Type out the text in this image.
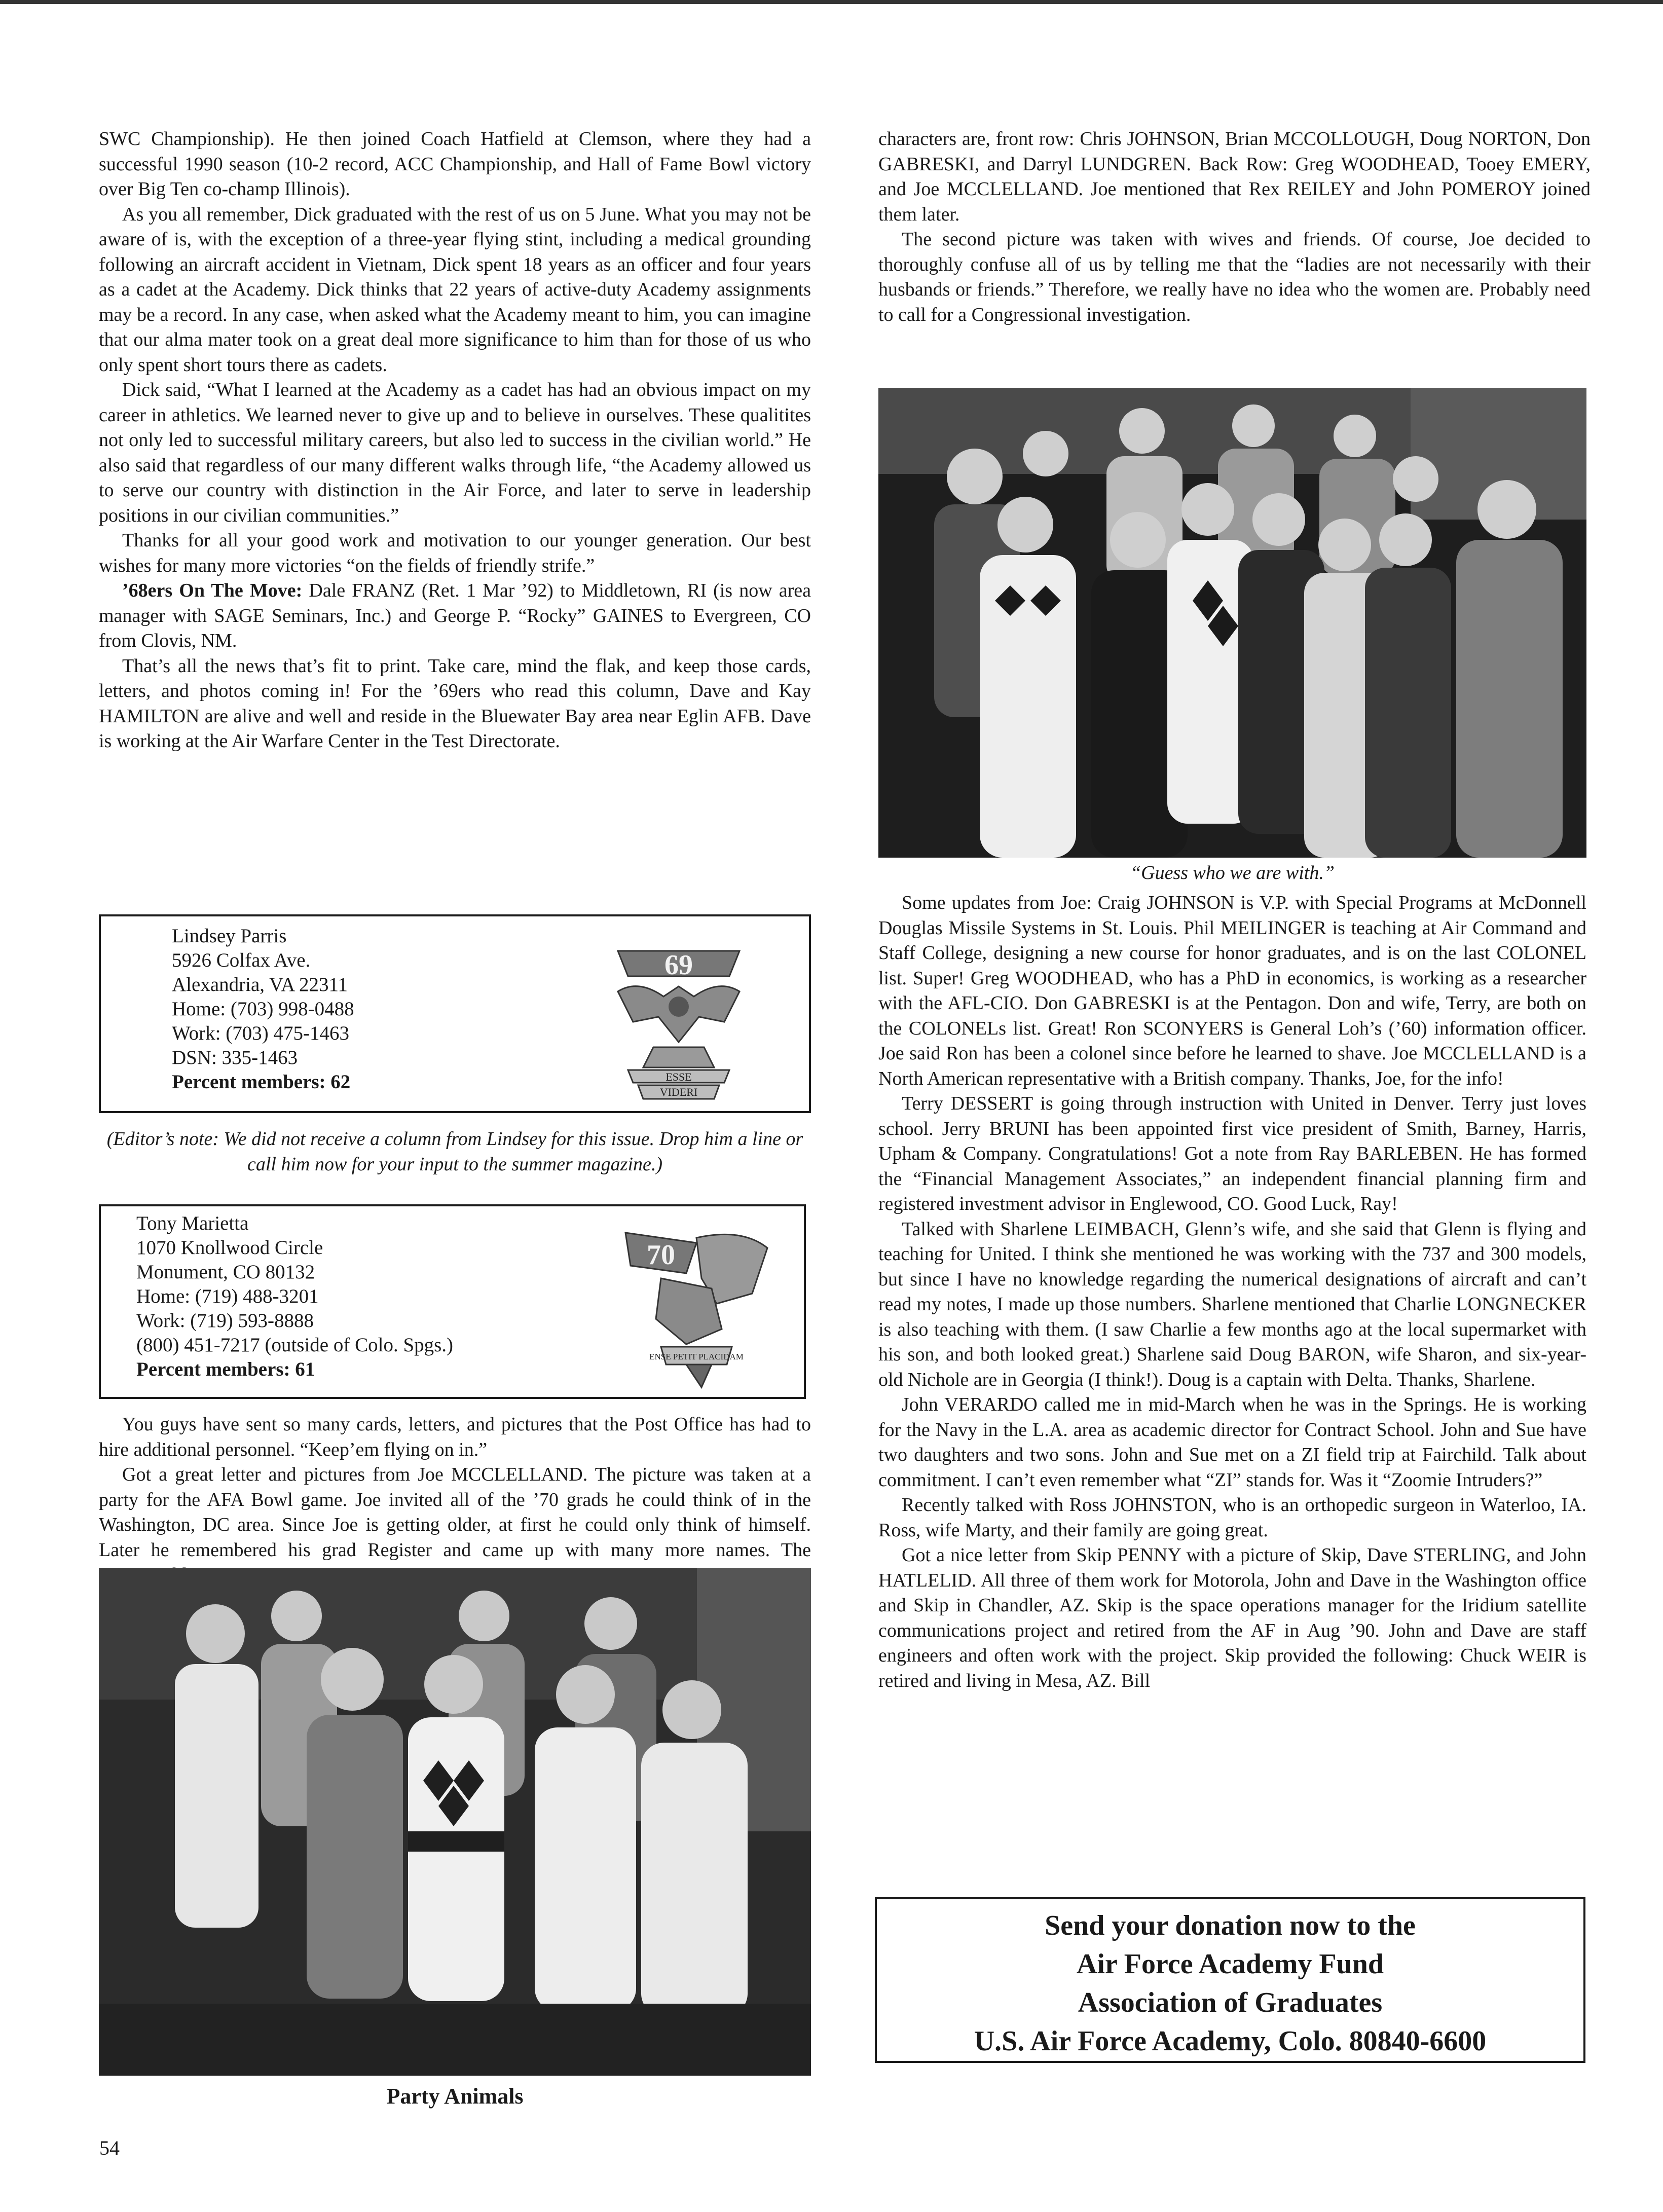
SWC Championship). He then joined Coach Hatfield at Clemson, where they had a successful 1990 season (10-2 record, ACC Championship, and Hall of Fame Bowl victory over Big Ten co-champ Illinois).

As you all remember, Dick graduated with the rest of us on 5 June. What you may not be aware of is, with the exception of a three-year flying stint, including a medical grounding following an aircraft accident in Vietnam, Dick spent 18 years as an officer and four years as a cadet at the Academy. Dick thinks that 22 years of active-duty Academy assignments may be a record. In any case, when asked what the Academy meant to him, you can imagine that our alma mater took on a great deal more significance to him than for those of us who only spent short tours there as cadets.

Dick said, “What I learned at the Academy as a cadet has had an obvious impact on my career in athletics. We learned never to give up and to believe in ourselves. These qualitites not only led to successful military careers, but also led to success in the civilian world.” He also said that regardless of our many different walks through life, “the Academy allowed us to serve our country with distinction in the Air Force, and later to serve in leadership positions in our civilian communities.”

Thanks for all your good work and motivation to our younger generation. Our best wishes for many more victories “on the fields of friendly strife.”

’68ers On The Move: Dale FRANZ (Ret. 1 Mar ’92) to Middletown, RI (is now area manager with SAGE Seminars, Inc.) and George P. “Rocky” GAINES to Evergreen, CO from Clovis, NM.

That’s all the news that’s fit to print. Take care, mind the flak, and keep those cards, letters, and photos coming in! For the ’69ers who read this column, Dave and Kay HAMILTON are alive and well and reside in the Bluewater Bay area near Eglin AFB. Dave is working at the Air Warfare Center in the Test Directorate.

Lindsey Parris
5926 Colfax Ave.
Alexandria, VA 22311
Home: (703) 998-0488
Work: (703) 475-1463
DSN: 335-1463
Percent members: 62
69
ESSE
VIDERI
(Editor’s note: We did not receive a column from Lindsey for this issue. Drop him a line or call him now for your input to the summer magazine.)
Tony Marietta
1070 Knollwood Circle
Monument, CO 80132
Home: (719) 488-3201
Work: (719) 593-8888
(800) 451-7217 (outside of Colo. Spgs.)
Percent members: 61
70
ENSE PETIT PLACIDAM

You guys have sent so many cards, letters, and pictures that the Post Office has had to hire additional personnel. “Keep’em flying on in.”

Got a great letter and pictures from Joe MCCLELLAND. The picture was taken at a party for the AFA Bowl game. Joe invited all of the ’70 grads he could think of in the Washington, DC area. Since Joe is getting older, at first he could only think of himself. Later he remembered his grad Register and came up with many more names. The

Party Animals

characters are, front row: Chris JOHNSON, Brian MCCOLLOUGH, Doug NORTON, Don GABRESKI, and Darryl LUNDGREN. Back Row: Greg WOODHEAD, Tooey EMERY, and Joe MCCLELLAND. Joe mentioned that Rex REILEY and John POMEROY joined them later.

The second picture was taken with wives and friends. Of course, Joe decided to thoroughly confuse all of us by telling me that the “ladies are not necessarily with their husbands or friends.” Therefore, we really have no idea who the women are. Probably need to call for a Congressional investigation.

“Guess who we are with.”

Some updates from Joe: Craig JOHNSON is V.P. with Special Programs at McDonnell Douglas Missile Systems in St. Louis. Phil MEILINGER is teaching at Air Command and Staff College, designing a new course for honor graduates, and is on the last COLONEL list. Super! Greg WOODHEAD, who has a PhD in economics, is working as a researcher with the AFL-CIO. Don GABRESKI is at the Pentagon. Don and wife, Terry, are both on the COLONELs list. Great! Ron SCONYERS is General Loh’s (’60) information officer. Joe said Ron has been a colonel since before he learned to shave. Joe MCCLELLAND is a North American representative with a British company. Thanks, Joe, for the info!

Terry DESSERT is going through instruction with United in Denver. Terry just loves school. Jerry BRUNI has been appointed first vice president of Smith, Barney, Harris, Upham & Company. Congratulations! Got a note from Ray BARLEBEN. He has formed the “Financial Management Associates,” an independent financial planning firm and registered investment advisor in Englewood, CO. Good Luck, Ray!

Talked with Sharlene LEIMBACH, Glenn’s wife, and she said that Glenn is flying and teaching for United. I think she mentioned he was working with the 737 and 300 models, but since I have no knowledge regarding the numerical designations of aircraft and can’t read my notes, I made up those numbers. Sharlene mentioned that Charlie LONGNECKER is also teaching with them. (I saw Charlie a few months ago at the local supermarket with his son, and both looked great.) Sharlene said Doug BARON, wife Sharon, and six-year-old Nichole are in Georgia (I think!). Doug is a captain with Delta. Thanks, Sharlene.

John VERARDO called me in mid-March when he was in the Springs. He is working for the Navy in the L.A. area as academic director for Contract School. John and Sue have two daughters and two sons. John and Sue met on a ZI field trip at Fairchild. Talk about commitment. I can’t even remember what “ZI” stands for. Was it “Zoomie Intruders?”

Recently talked with Ross JOHNSTON, who is an orthopedic surgeon in Waterloo, IA. Ross, wife Marty, and their family are going great.

Got a nice letter from Skip PENNY with a picture of Skip, Dave STERLING, and John HATLELID. All three of them work for Motorola, John and Dave in the Washington office and Skip in Chandler, AZ. Skip is the space operations manager for the Iridium satellite communications project and retired from the AF in Aug ’90. John and Dave are staff engineers and often work with the project. Skip provided the following: Chuck WEIR is retired and living in Mesa, AZ. Bill

Send your donation now to the
Air Force Academy Fund
Association of Graduates
U.S. Air Force Academy, Colo. 80840-6600
54
